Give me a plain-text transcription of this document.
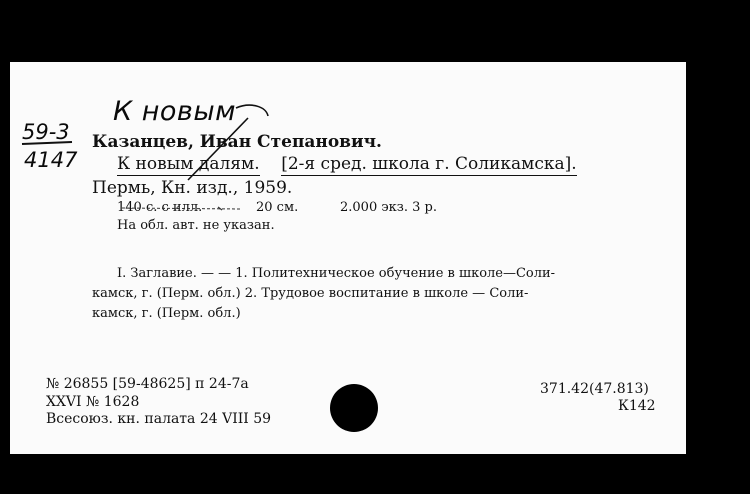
К новым
59-3
4147
Казанцев, Иван Степанович.
К новым далям. [2-я сред. школа г. Соликамска].
Пермь, Кн. изд., 1959.
140 с. с илл.	20 см.	2.000 экз. 3 р.
На обл. авт. не указан.
I. Заглавие. — — 1. Политехническое обучение в школе—Соли-
камск, г. (Перм. обл.) 2. Трудовое воспитание в школе — Соли-
камск, г. (Перм. обл.)
№ 26855 [59-48625] п 24-7а
XXVI № 1628
Всесоюз. кн. палата 24 VIII 59
371.42(47.813)
К142
